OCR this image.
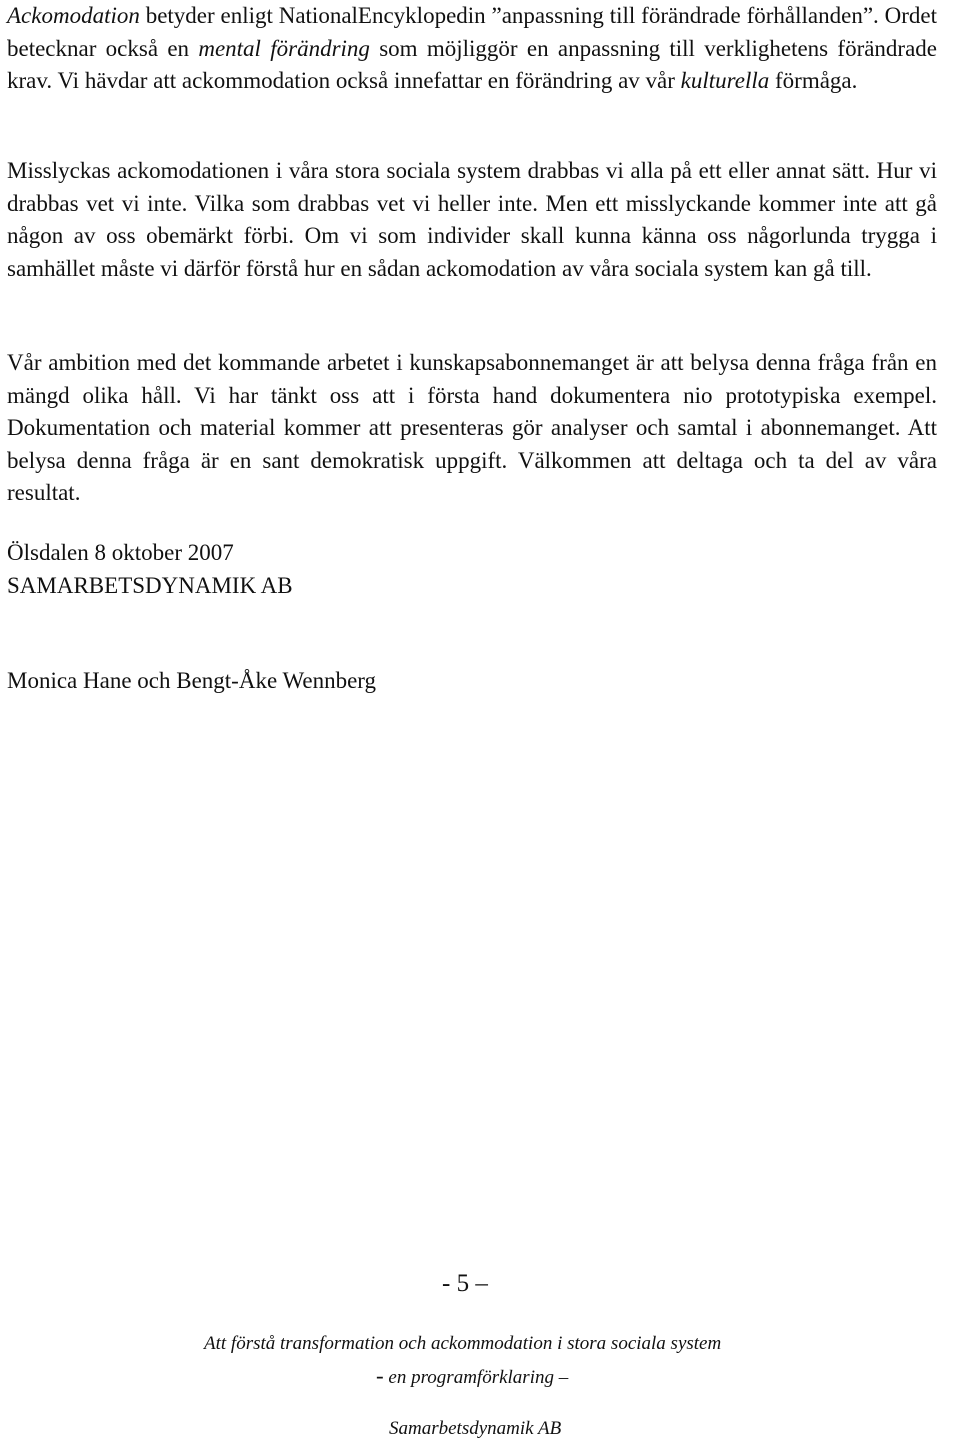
Ackomodation betyder enligt NationalEncyklopedin ”anpassning till förändrade förhållanden”. Ordet betecknar också en mental förändring som möjliggör en anpassning till verklighetens förändrade krav. Vi hävdar att ackommodation också innefattar en förändring av vår kulturella förmåga.

Misslyckas ackomodationen i våra stora sociala system drabbas vi alla på ett eller annat sätt. Hur vi drabbas vet vi inte. Vilka som drabbas vet vi heller inte. Men ett misslyckande kommer inte att gå någon av oss obemärkt förbi. Om vi som individer skall kunna känna oss någorlunda trygga i samhället måste vi därför förstå hur en sådan ackomodation av våra sociala system kan gå till.

Vår ambition med det kommande arbetet i kunskapsabonnemanget är att belysa denna fråga från en mängd olika håll. Vi har tänkt oss att i första hand dokumentera nio prototypiska exempel. Dokumentation och material kommer att presenteras gör analyser och samtal i abonnemanget. Att belysa denna fråga är en sant demokratisk uppgift. Välkommen att deltaga och ta del av våra resultat.

Ölsdalen 8 oktober 2007

SAMARBETSDYNAMIK AB

Monica Hane och Bengt-Åke Wennberg

- 5 –
Att förstå transformation och ackommodation i stora sociala system
- en programförklaring –
Samarbetsdynamik AB
